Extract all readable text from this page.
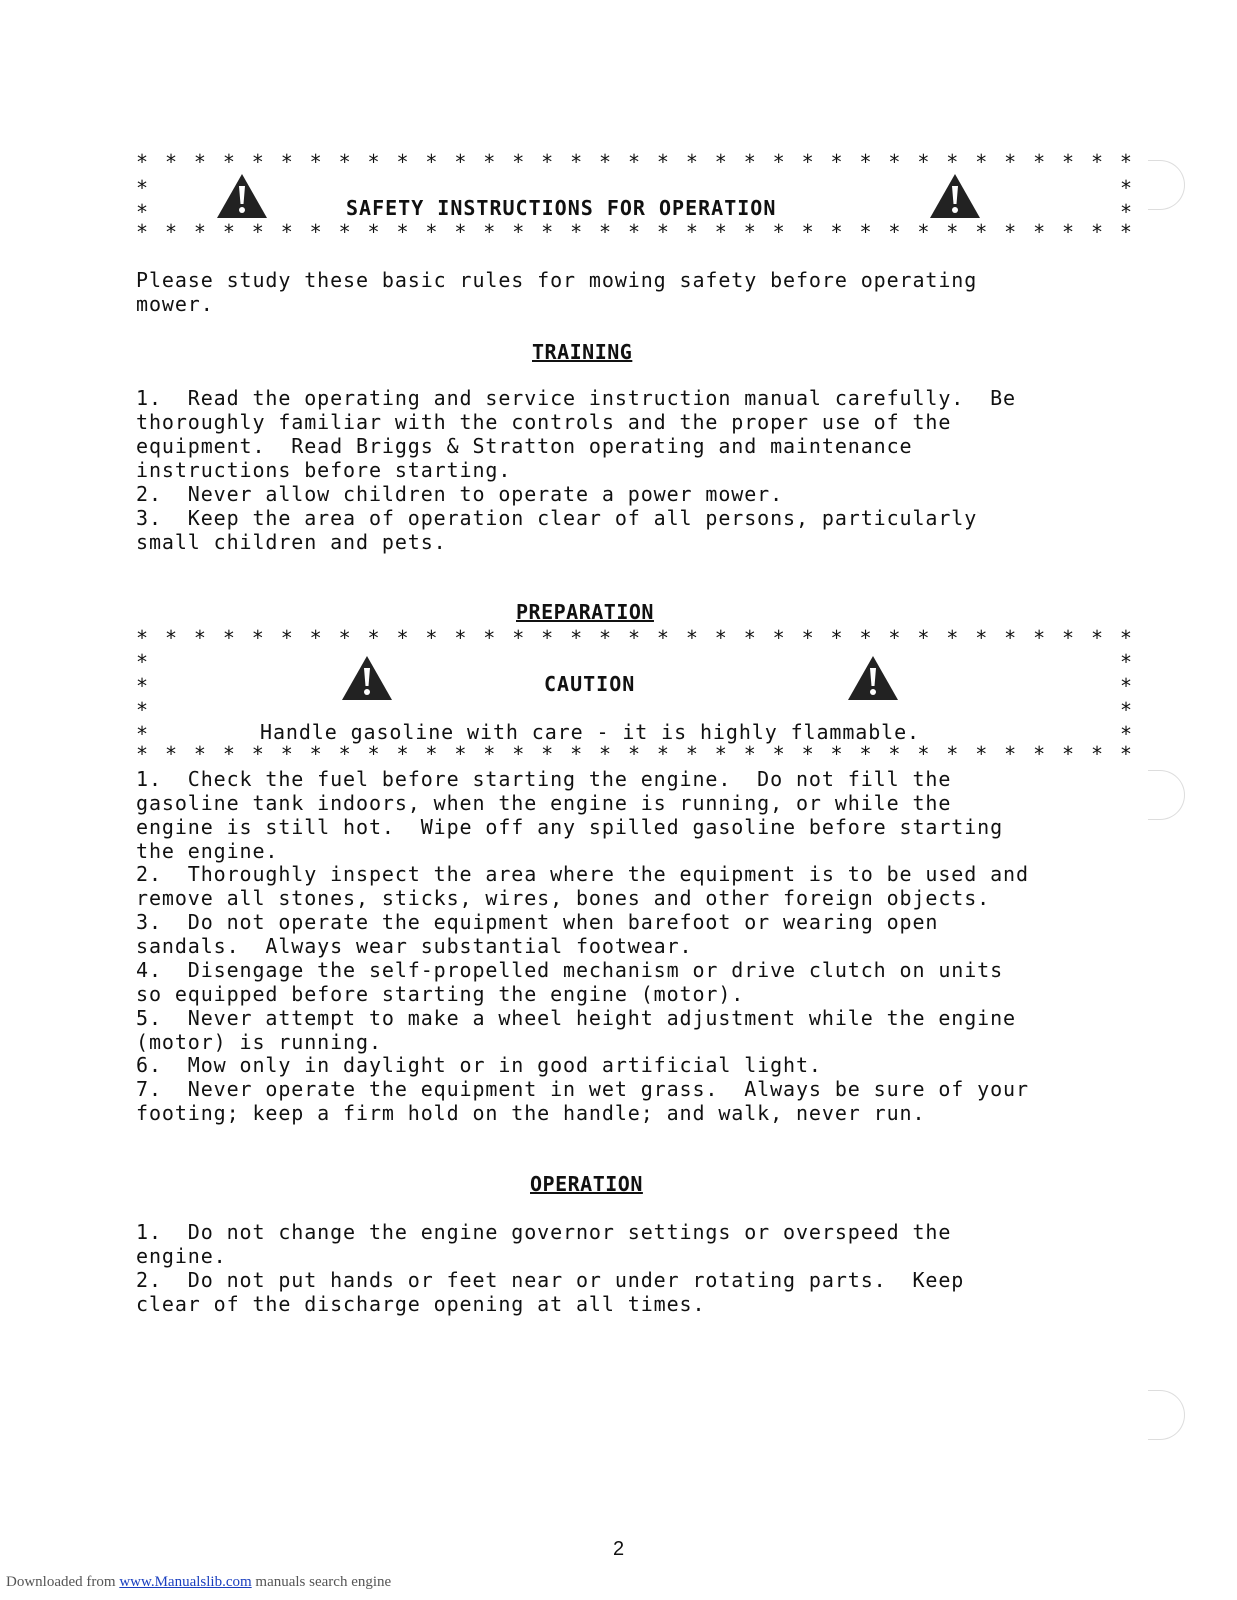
* * * * * * * * * * * * * * * * * * * * * * * * * * * * * * * * * * *
*
*
*
*
SAFETY INSTRUCTIONS FOR OPERATION
* * * * * * * * * * * * * * * * * * * * * * * * * * * * * * * * * * *
Please study these basic rules for mowing safety before operating
mower.
TRAINING
1.  Read the operating and service instruction manual carefully.  Be
thoroughly familiar with the controls and the proper use of the
equipment.  Read Briggs & Stratton operating and maintenance
instructions before starting.
2.  Never allow children to operate a power mower.
3.  Keep the area of operation clear of all persons, particularly
small children and pets.
PREPARATION
* * * * * * * * * * * * * * * * * * * * * * * * * * * * * * * * * * *
*
*
*
*
*
*
*
*
CAUTION
Handle gasoline with care - it is highly flammable.
* * * * * * * * * * * * * * * * * * * * * * * * * * * * * * * * * * *
1.  Check the fuel before starting the engine.  Do not fill the
gasoline tank indoors, when the engine is running, or while the
engine is still hot.  Wipe off any spilled gasoline before starting
the engine.
2.  Thoroughly inspect the area where the equipment is to be used and
remove all stones, sticks, wires, bones and other foreign objects.
3.  Do not operate the equipment when barefoot or wearing open
sandals.  Always wear substantial footwear.
4.  Disengage the self-propelled mechanism or drive clutch on units
so equipped before starting the engine (motor).
5.  Never attempt to make a wheel height adjustment while the engine
(motor) is running.
6.  Mow only in daylight or in good artificial light.
7.  Never operate the equipment in wet grass.  Always be sure of your
footing; keep a firm hold on the handle; and walk, never run.
OPERATION
1.  Do not change the engine governor settings or overspeed the
engine.
2.  Do not put hands or feet near or under rotating parts.  Keep
clear of the discharge opening at all times.
2
Downloaded from www.Manualslib.com manuals search engine
